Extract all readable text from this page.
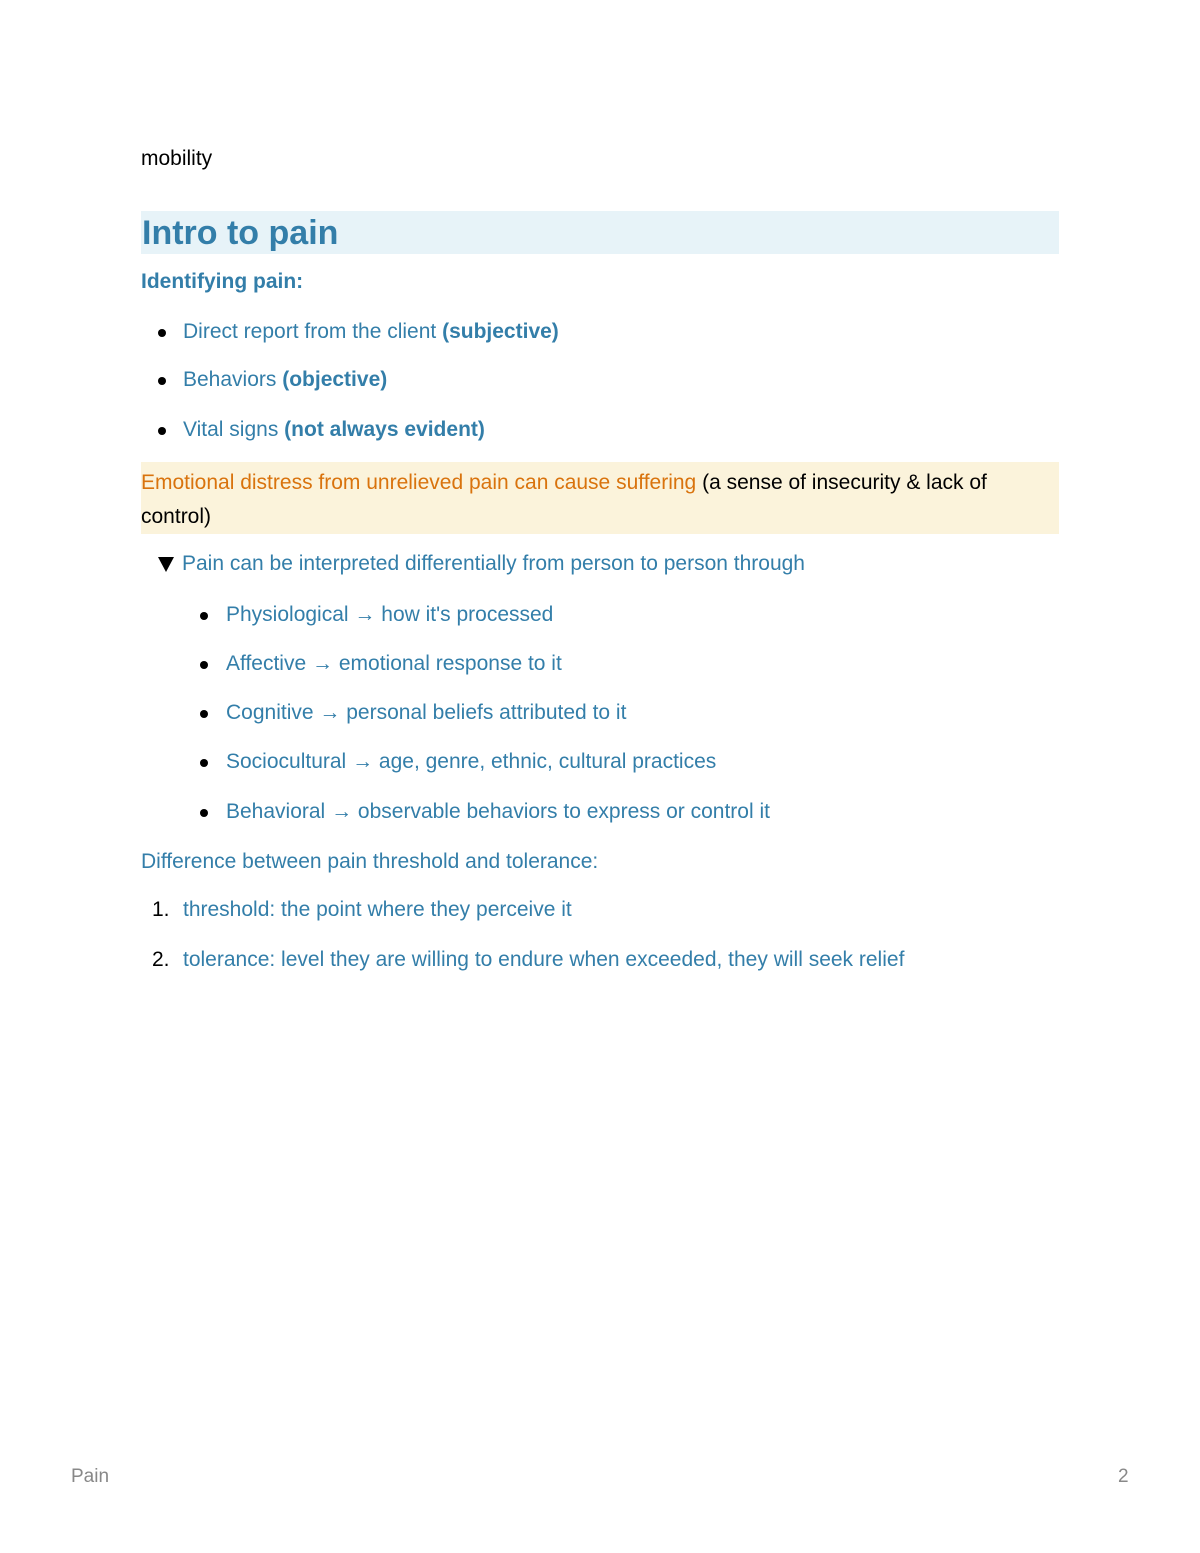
mobility
Intro to pain
Identifying pain:
Direct report from the client (subjective)
Behaviors (objective)
Vital signs (not always evident)
Emotional distress from unrelieved pain can cause suffering (a sense of insecurity & lack of control)
Pain can be interpreted differentially from person to person through
Physiological → how it's processed
Affective → emotional response to it
Cognitive → personal beliefs attributed to it
Sociocultural → age, genre, ethnic, cultural practices
Behavioral → observable behaviors to express or control it
Difference between pain threshold and tolerance:
1. threshold: the point where they perceive it
2. tolerance: level they are willing to endure when exceeded, they will seek relief
Pain	2
